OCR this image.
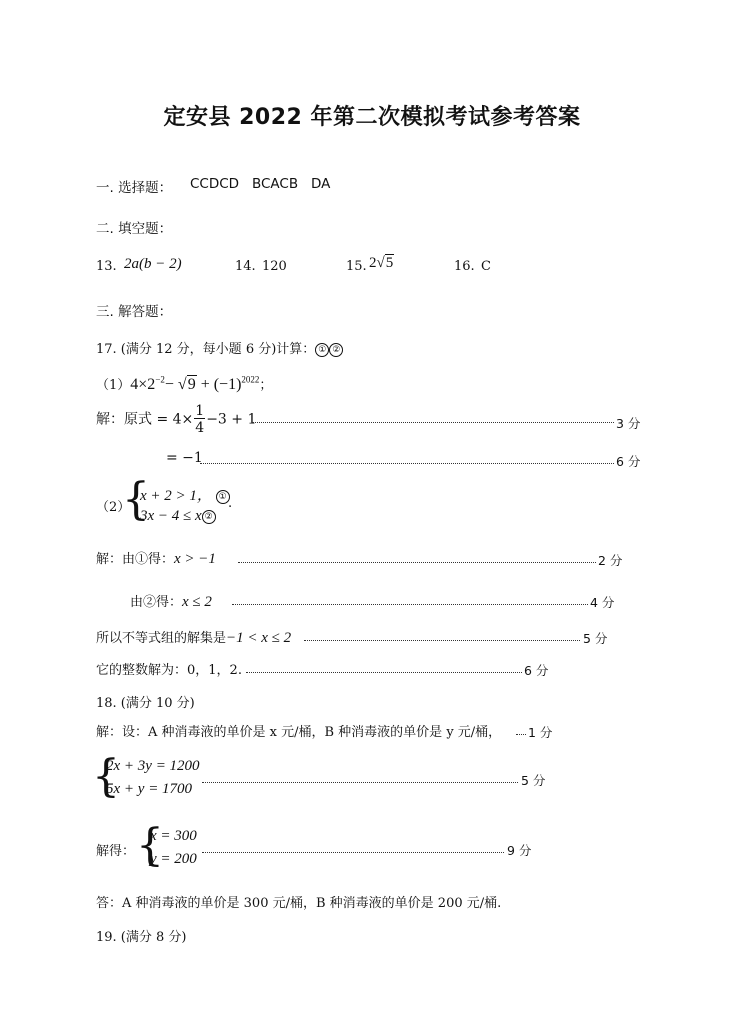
定安县 2022 年第二次模拟考试参考答案
一. 选择题： CCDCD   BCACB   DA
二. 填空题：
13. 2a(b − 2)	14. 120	15. 2√5	16. C
三. 解答题：
17. (满分 12 分，每小题 6 分)计算： ① ②
$(1)4\times 2^{-2}- √9 + (-1)^{2022}$；
解：原式 = $4\times \frac{1}{4} -3 + 1$	3 分
= −1	6 分
（2）
{
x + 2 > 1， ①
3x − 4 ≤ x ②
.
解：由①得：x > −1	2 分
由②得：x ≤ 2	4 分
所以不等式组的解集是−1 < x ≤ 2	5 分
它的整数解为：0，1，2.	6 分
18. (满分 10 分)
解：设：A 种消毒液的单价是 x 元/桶，B 种消毒液的单价是 y 元/桶， 1 分
{
2x + 3y = 1200
5x + y = 1700
5 分
解得： {
x = 300
y = 200
9 分
答：A 种消毒液的单价是 300 元/桶，B 种消毒液的单价是 200 元/桶.
19. (满分 8 分)
